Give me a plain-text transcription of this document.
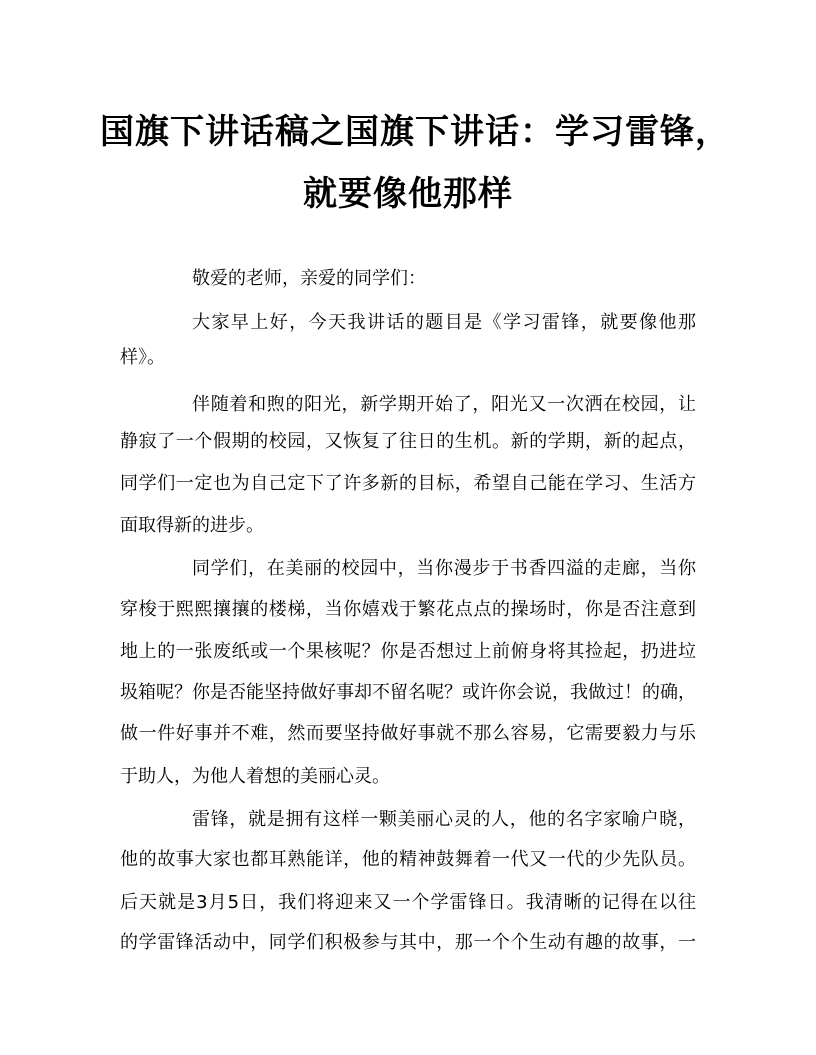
国旗下讲话稿之国旗下讲话：学习雷锋，
就要像他那样
敬爱的老师，亲爱的同学们：
大家早上好，今天我讲话的题目是《学习雷锋，就要像他那
样》。
伴随着和煦的阳光，新学期开始了，阳光又一次洒在校园，让
静寂了一个假期的校园，又恢复了往日的生机。新的学期，新的起点，
同学们一定也为自己定下了许多新的目标，希望自己能在学习、生活方
面取得新的进步。
同学们，在美丽的校园中，当你漫步于书香四溢的走廊，当你
穿梭于熙熙攘攘的楼梯，当你嬉戏于繁花点点的操场时，你是否注意到
地上的一张废纸或一个果核呢？你是否想过上前俯身将其捡起，扔进垃
圾箱呢？你是否能坚持做好事却不留名呢？或许你会说，我做过！的确，
做一件好事并不难，然而要坚持做好事就不那么容易，它需要毅力与乐
于助人，为他人着想的美丽心灵。
雷锋，就是拥有这样一颗美丽心灵的人，他的名字家喻户晓，
他的故事大家也都耳熟能详，他的精神鼓舞着一代又一代的少先队员。
后天就是3月5日，我们将迎来又一个学雷锋日。我清晰的记得在以往
的学雷锋活动中，同学们积极参与其中，那一个个生动有趣的故事，一
